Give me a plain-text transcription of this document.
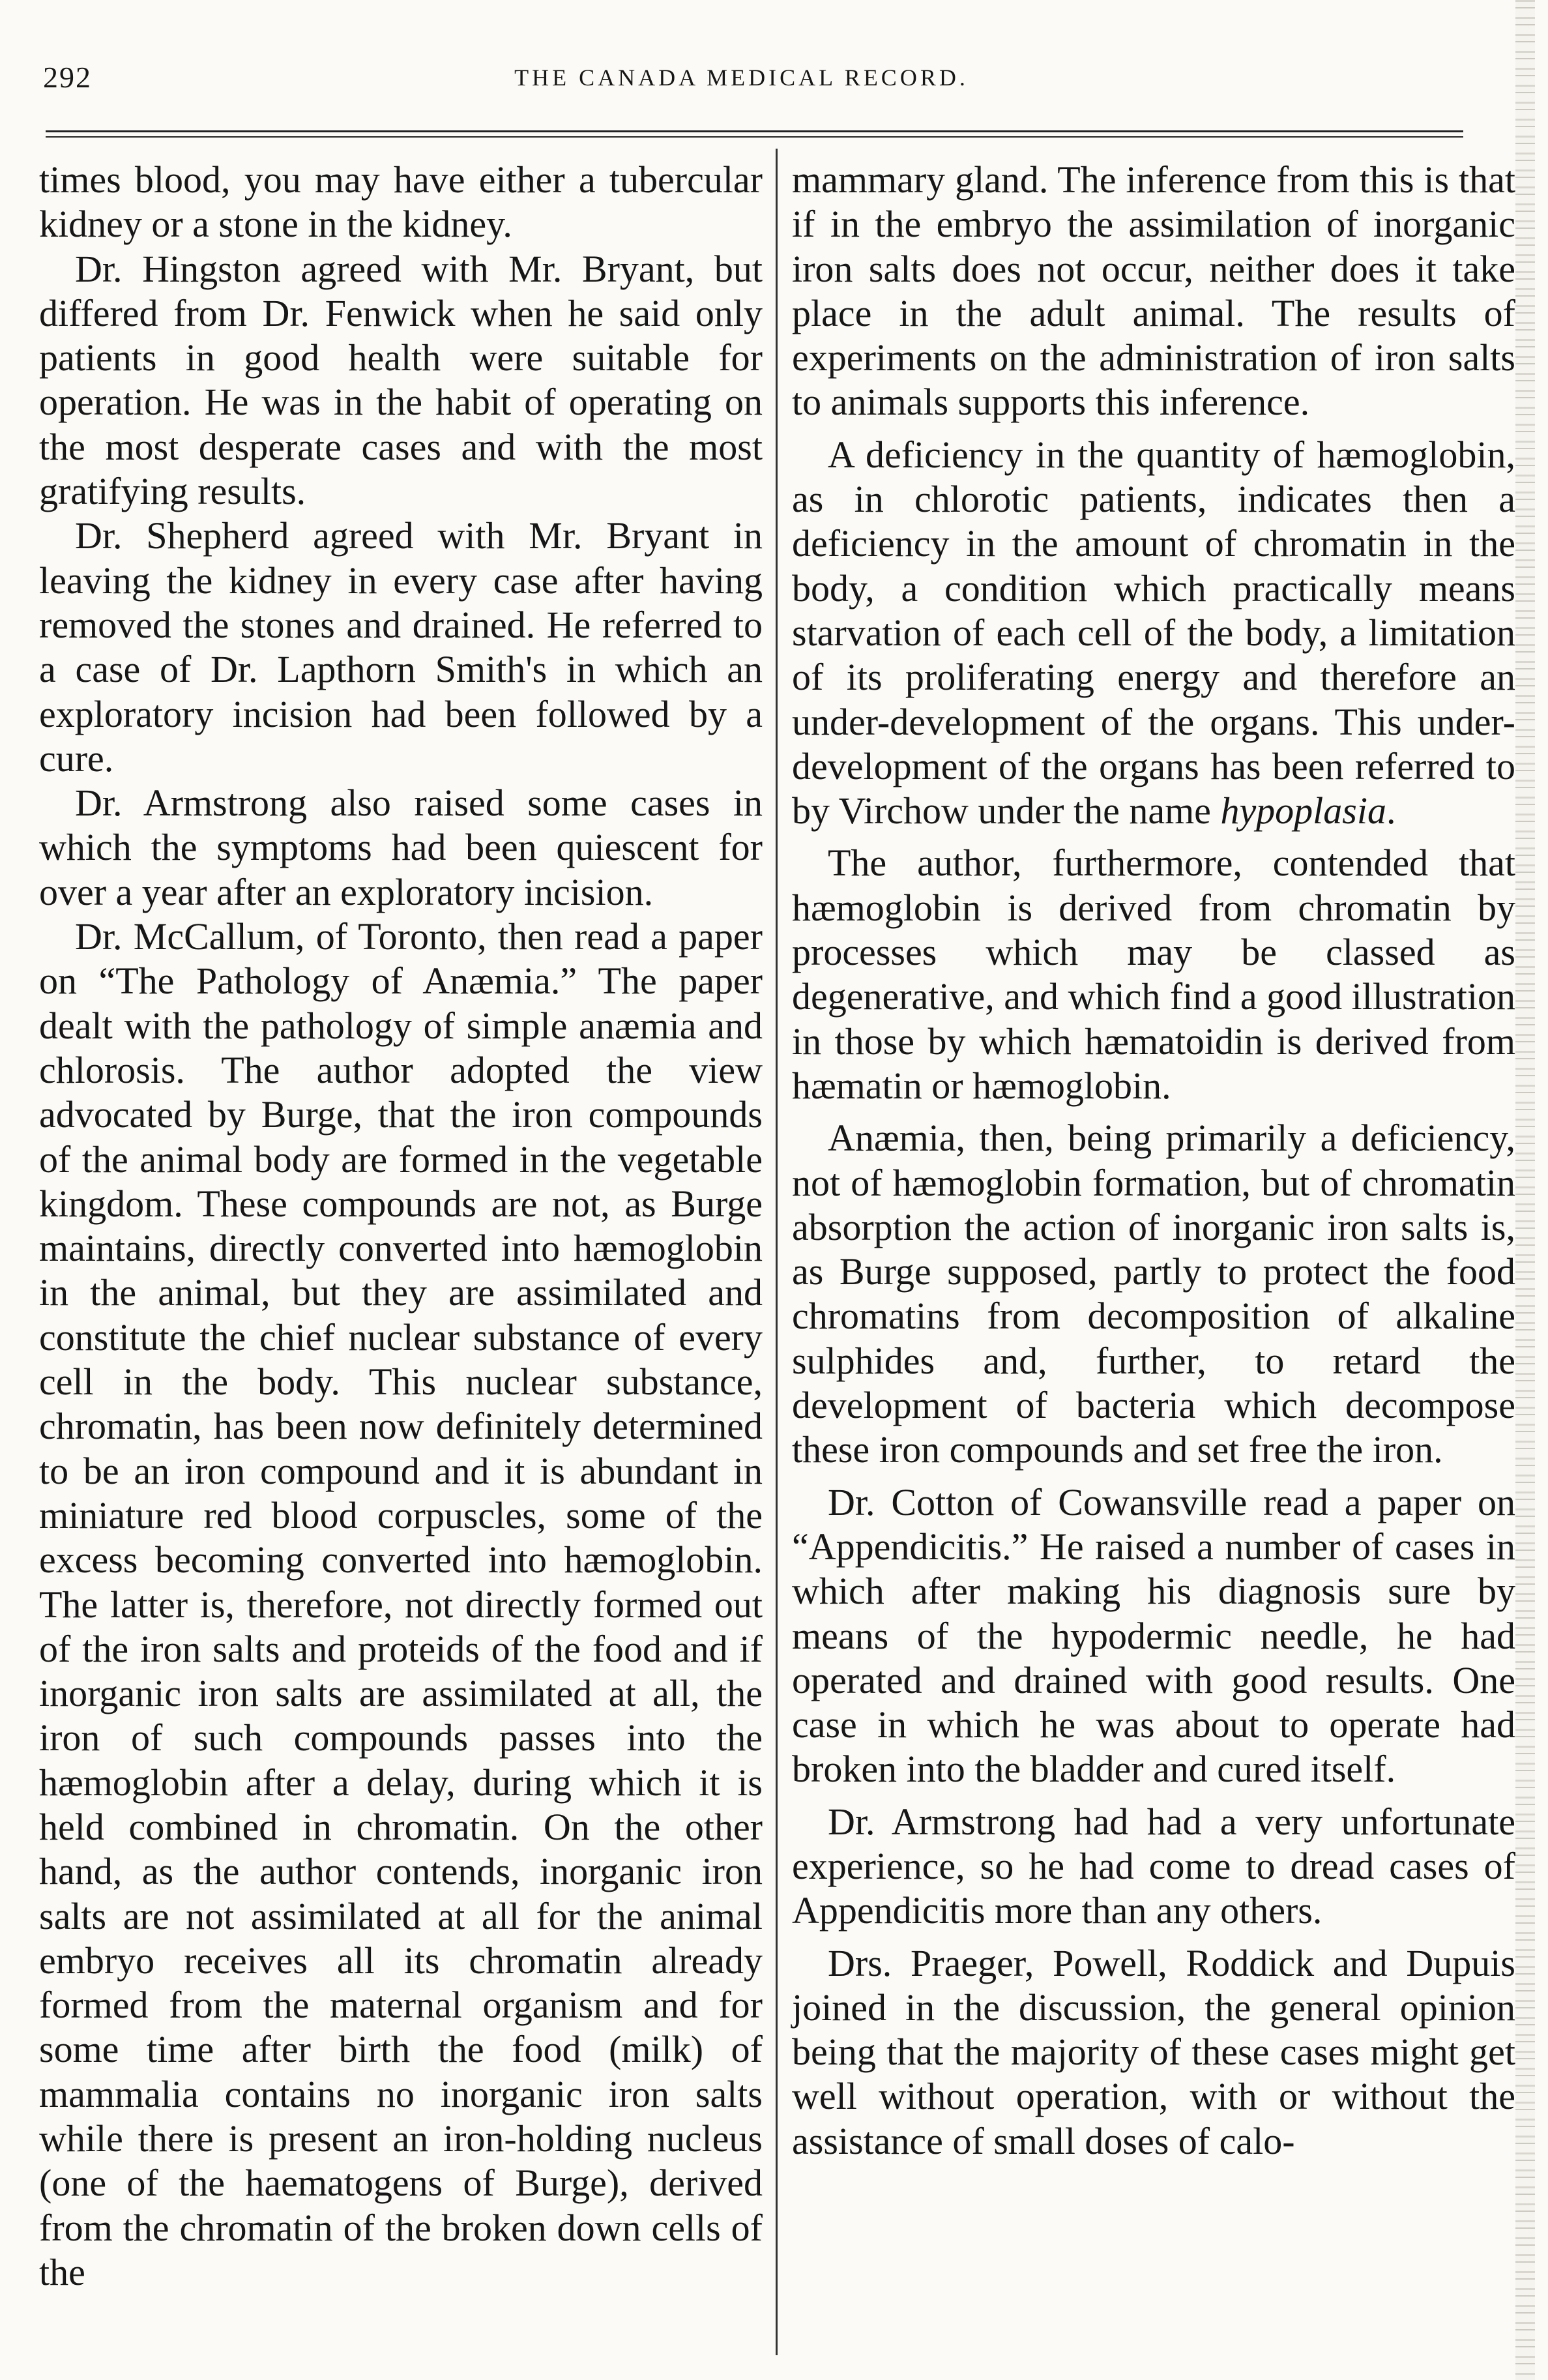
292	THE CANADA MEDICAL RECORD.

times blood, you may have either a tubercular kidney or a stone in the kidney.

Dr. Hingston agreed with Mr. Bryant, but differed from Dr. Fenwick when he said only patients in good health were suitable for operation. He was in the habit of operating on the most desperate cases and with the most gratifying results.

Dr. Shepherd agreed with Mr. Bryant in leaving the kidney in every case after having removed the stones and drained. He referred to a case of Dr. Lapthorn Smith's in which an exploratory incision had been followed by a cure.

Dr. Armstrong also raised some cases in which the symptoms had been quiescent for over a year after an exploratory incision.

Dr. McCallum, of Toronto, then read a paper on “The Pathology of Anæmia.” The paper dealt with the pathology of simple anæmia and chlorosis. The author adopted the view advocated by Burge, that the iron compounds of the animal body are formed in the vegetable kingdom. These compounds are not, as Burge maintains, directly converted into hæmoglobin in the animal, but they are assimilated and constitute the chief nuclear substance of every cell in the body. This nuclear substance, chromatin, has been now definitely determined to be an iron compound and it is abundant in miniature red blood corpuscles, some of the excess becoming converted into hæmoglobin. The latter is, therefore, not directly formed out of the iron salts and proteids of the food and if inorganic iron salts are assimilated at all, the iron of such compounds passes into the hæmoglobin after a delay, during which it is held combined in chromatin. On the other hand, as the author contends, inorganic iron salts are not assimilated at all for the animal embryo receives all its chromatin already formed from the maternal organism and for some time after birth the food (milk) of mammalia contains no inorganic iron salts while there is present an iron-holding nucleus (one of the haematogens of Burge), derived from the chromatin of the broken down cells of the

mammary gland. The inference from this is that if in the embryo the assimilation of inorganic iron salts does not occur, neither does it take place in the adult animal. The results of experiments on the administration of iron salts to animals supports this inference.

A deficiency in the quantity of hæmoglobin, as in chlorotic patients, indicates then a deficiency in the amount of chromatin in the body, a condition which practically means starvation of each cell of the body, a limitation of its proliferating energy and therefore an under-development of the organs. This under-development of the organs has been referred to by Virchow under the name hypoplasia.

The author, furthermore, contended that hæmoglobin is derived from chromatin by processes which may be classed as degenerative, and which find a good illustration in those by which hæmatoidin is derived from hæmatin or hæmoglobin.

Anæmia, then, being primarily a deficiency, not of hæmoglobin formation, but of chromatin absorption the action of inorganic iron salts is, as Burge supposed, partly to protect the food chromatins from decomposition of alkaline sulphides and, further, to retard the development of bacteria which decompose these iron compounds and set free the iron.

Dr. Cotton of Cowansville read a paper on “Appendicitis.” He raised a number of cases in which after making his diagnosis sure by means of the hypodermic needle, he had operated and drained with good results. One case in which he was about to operate had broken into the bladder and cured itself.

Dr. Armstrong had had a very unfortunate experience, so he had come to dread cases of Appendicitis more than any others.

Drs. Praeger, Powell, Roddick and Dupuis joined in the discussion, the general opinion being that the majority of these cases might get well without operation, with or without the assistance of small doses of calo-
